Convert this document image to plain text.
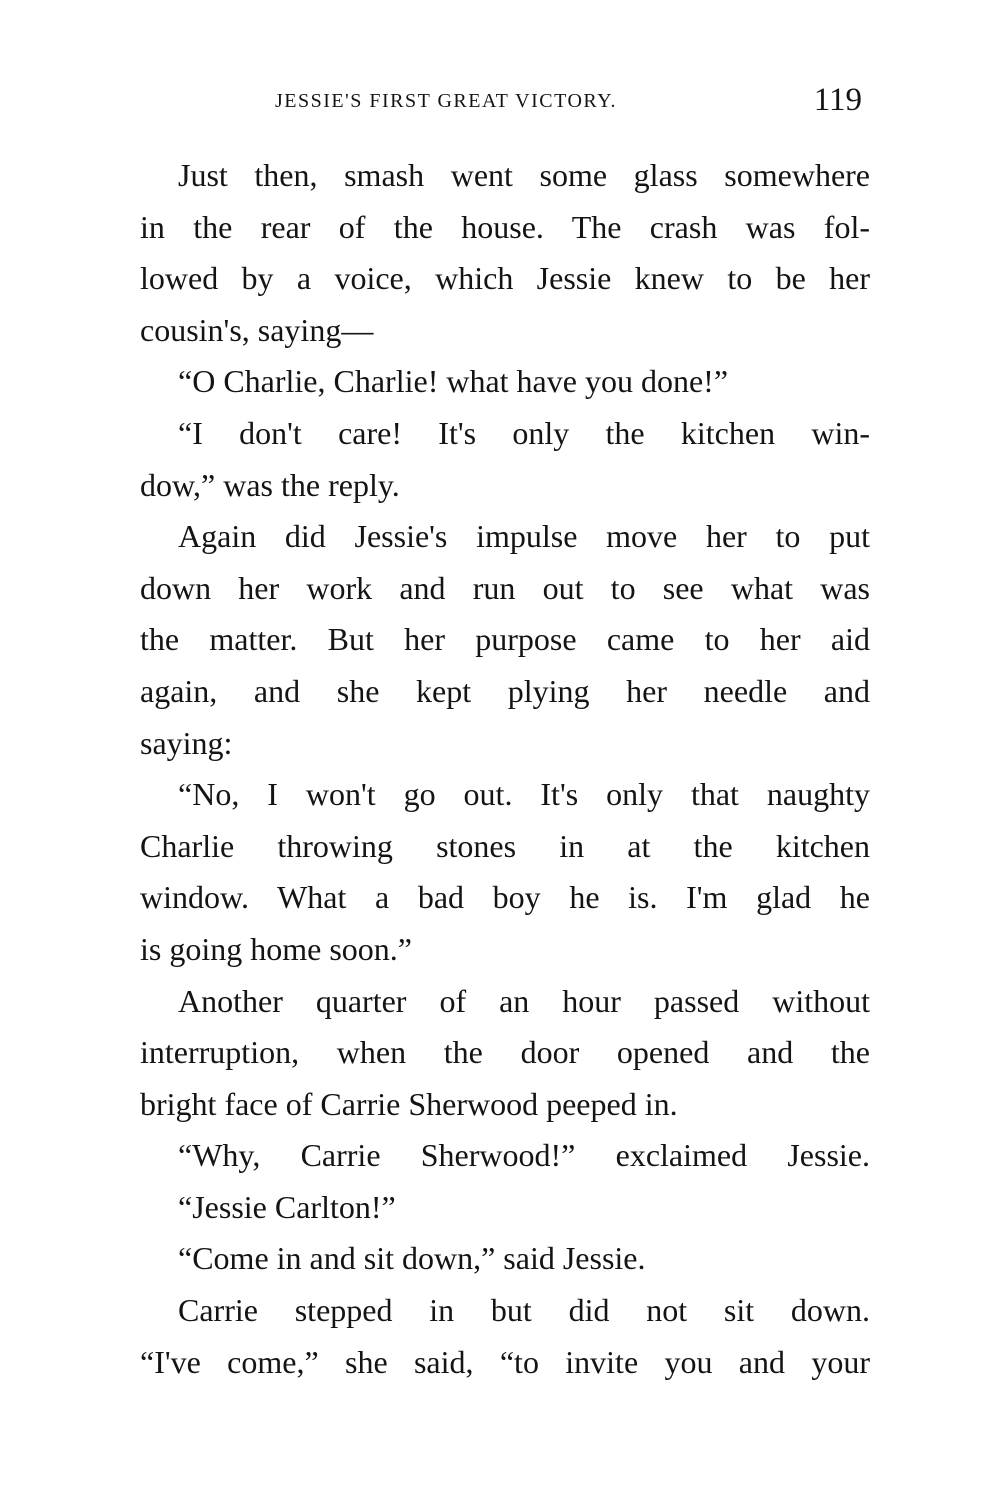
JESSIE'S FIRST GREAT VICTORY.	119
Just then, smash went some glass somewhere
in the rear of the house. The crash was fol-
lowed by a voice, which Jessie knew to be her
cousin's, saying—
“O Charlie, Charlie! what have you done!”
“I don't care! It's only the kitchen win-
dow,” was the reply.
Again did Jessie's impulse move her to put
down her work and run out to see what was
the matter. But her purpose came to her aid
again, and she kept plying her needle and
saying:
“No, I won't go out. It's only that naughty
Charlie throwing stones in at the kitchen
window. What a bad boy he is. I'm glad he
is going home soon.”
Another quarter of an hour passed without
interruption, when the door opened and the
bright face of Carrie Sherwood peeped in.
“Why, Carrie Sherwood!” exclaimed Jessie.
“Jessie Carlton!”
“Come in and sit down,” said Jessie.
Carrie stepped in but did not sit down.
“I've come,” she said, “to invite you and your
